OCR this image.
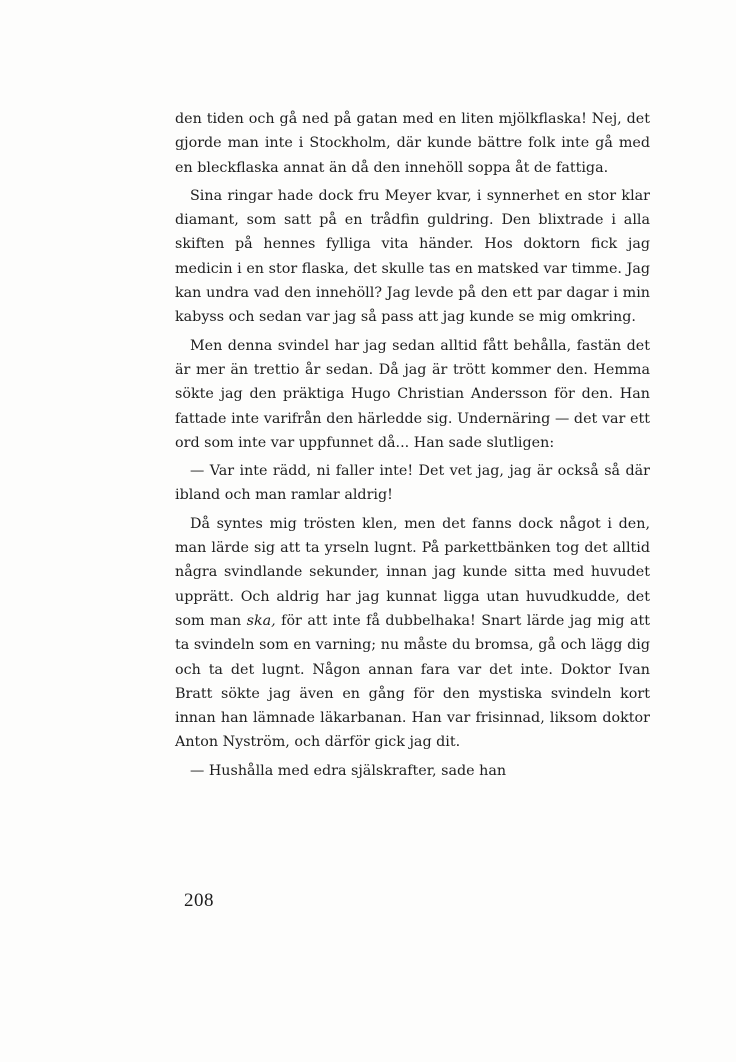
den tiden och gå ned på gatan med en liten mjölkflaska! Nej, det gjorde man inte i Stockholm, där kunde bättre folk inte gå med en bleckflaska annat än då den innehöll soppa åt de fattiga.

Sina ringar hade dock fru Meyer kvar, i synnerhet en stor klar diamant, som satt på en trådfin guldring. Den blixtrade i alla skiften på hennes fylliga vita händer. Hos doktorn fick jag medicin i en stor flaska, det skulle tas en matsked var timme. Jag kan undra vad den innehöll? Jag levde på den ett par dagar i min kabyss och sedan var jag så pass att jag kunde se mig omkring.

Men denna svindel har jag sedan alltid fått behålla, fastän det är mer än trettio år sedan. Då jag är trött kommer den. Hemma sökte jag den präktiga Hugo Christian Andersson för den. Han fattade inte varifrån den härledde sig. Undernäring — det var ett ord som inte var uppfunnet då... Han sade slutligen:

— Var inte rädd, ni faller inte! Det vet jag, jag är också så där ibland och man ramlar aldrig!

Då syntes mig trösten klen, men det fanns dock något i den, man lärde sig att ta yrseln lugnt. På parkettbänken tog det alltid några svindlande sekunder, innan jag kunde sitta med huvudet upprätt. Och aldrig har jag kunnat ligga utan huvudkudde, det som man ska, för att inte få dubbelhaka! Snart lärde jag mig att ta svindeln som en varning; nu måste du bromsa, gå och lägg dig och ta det lugnt. Någon annan fara var det inte. Doktor Ivan Bratt sökte jag även en gång för den mystiska svindeln kort innan han lämnade läkarbanan. Han var frisinnad, liksom doktor Anton Nyström, och därför gick jag dit.

— Hushålla med edra själskrafter, sade han

208
